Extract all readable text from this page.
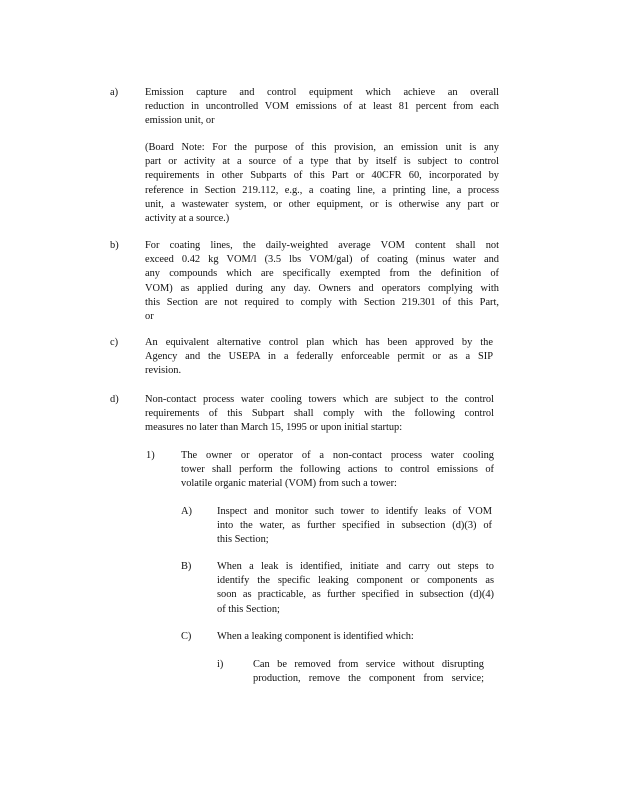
a)	Emission capture and control equipment which achieve an overall
reduction in uncontrolled VOM emissions of at least 81 percent from each
emission unit, or
(Board Note: For the purpose of this provision, an emission unit is any
part or activity at a source of a type that by itself is subject to control
requirements in other Subparts of this Part or 40CFR 60, incorporated by
reference in Section 219.112, e.g., a coating line, a printing line, a process
unit, a wastewater system, or other equipment, or is otherwise any part or
activity at a source.)
b)	For coating lines, the daily-weighted average VOM content shall not
exceed 0.42 kg VOM/l (3.5 lbs VOM/gal) of coating (minus water and
any compounds which are specifically exempted from the definition of
VOM) as applied during any day. Owners and operators complying with
this Section are not required to comply with Section 219.301 of this Part,
or
c)	An equivalent alternative control plan which has been approved by the
Agency and the USEPA in a federally enforceable permit or as a SIP
revision.
d)	Non-contact process water cooling towers which are subject to the control
requirements of this Subpart shall comply with the following control
measures no later than March 15, 1995 or upon initial startup:
1)	The owner or operator of a non-contact process water cooling
tower shall perform the following actions to control emissions of
volatile organic material (VOM) from such a tower:
A) Inspect and monitor such tower to identify leaks of VOM
into the water, as further specified in subsection (d)(3) of
this Section;
B) When a leak is identified, initiate and carry out steps to
identify the specific leaking component or components as
soon as practicable, as further specified in subsection (d)(4)
of this Section;
C) When a leaking component is identified which:
i)	Can be removed from service without disrupting
production, remove the component from service;
